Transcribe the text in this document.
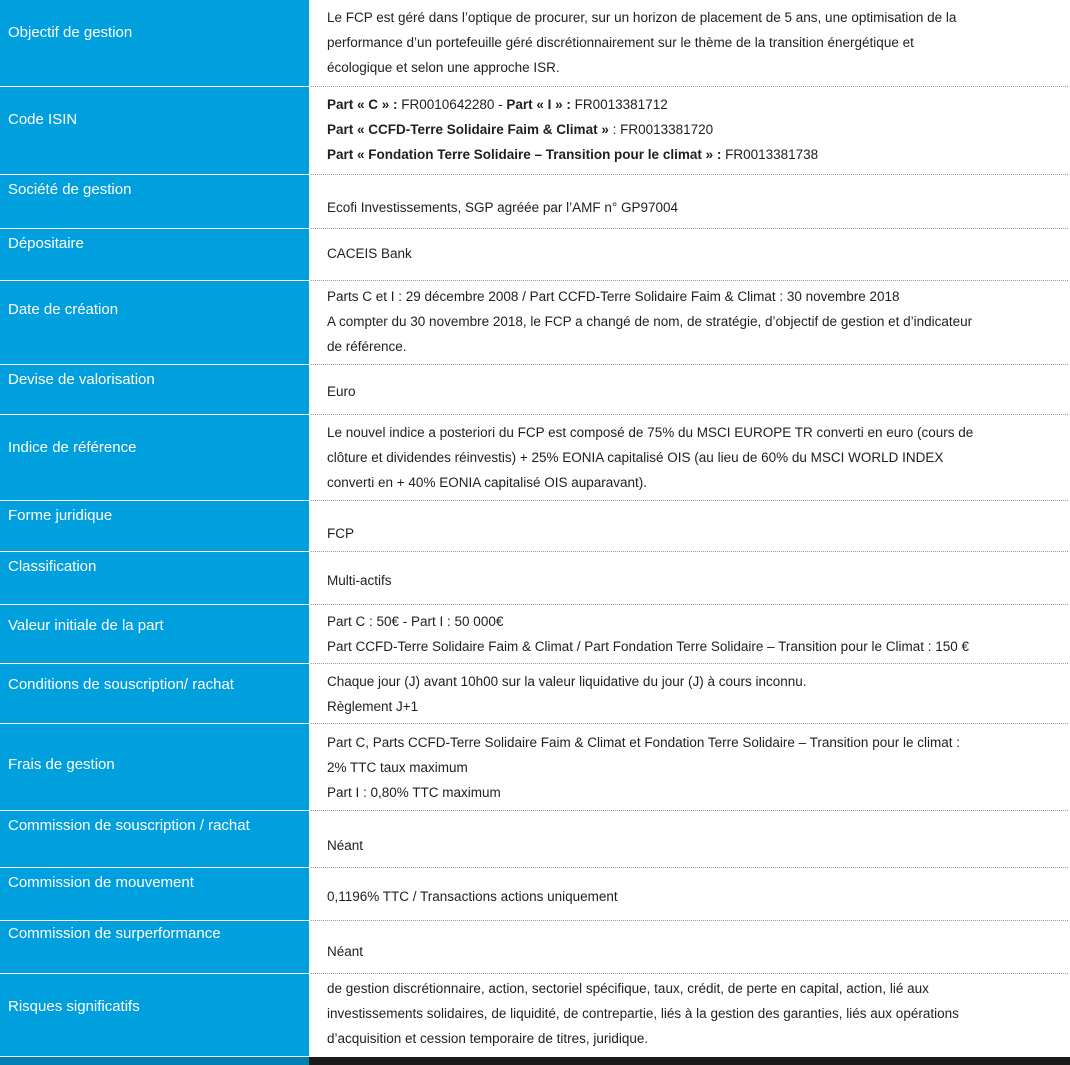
Objectif de gestion
Le FCP est géré dans l’optique de procurer, sur un horizon de placement de 5 ans, une optimisation de la
performance d’un portefeuille géré discrétionnairement sur le thème de la transition énergétique et
écologique et selon une approche ISR.
Code ISIN
Part « C » : FR0010642280 - Part « I » : FR0013381712
Part « CCFD-Terre Solidaire Faim & Climat » : FR0013381720
Part « Fondation Terre Solidaire – Transition pour le climat » : FR0013381738
Société de gestion
Ecofi Investissements, SGP agréée par l’AMF n° GP97004
Dépositaire
CACEIS Bank
Date de création
Parts C et I : 29 décembre 2008 / Part CCFD-Terre Solidaire Faim & Climat : 30 novembre 2018
A compter du 30 novembre 2018, le FCP a changé de nom, de stratégie, d’objectif de gestion et d’indicateur
de référence.
Devise de valorisation
Euro
Indice de référence
Le nouvel indice a posteriori du FCP est composé de 75% du MSCI EUROPE TR converti en euro (cours de
clôture et dividendes réinvestis) + 25% EONIA capitalisé OIS (au lieu de 60% du MSCI WORLD INDEX
converti en + 40% EONIA capitalisé OIS auparavant).
Forme juridique
FCP
Classification
Multi-actifs
Valeur initiale de la part	Part C : 50€ - Part I : 50 000€
Part CCFD-Terre Solidaire Faim & Climat / Part Fondation Terre Solidaire – Transition pour le Climat : 150 €
Conditions de souscription/ rachat	Chaque jour (J) avant 10h00 sur la valeur liquidative du jour (J) à cours inconnu.
Règlement J+1
Frais de gestion
Part C, Parts CCFD-Terre Solidaire Faim & Climat et Fondation Terre Solidaire – Transition pour le climat :
2% TTC taux maximum
Part I : 0,80% TTC maximum
Commission de souscription / rachat
Néant
Commission de mouvement
0,1196% TTC / Transactions actions uniquement
Commission de surperformance
Néant
Risques significatifs
de gestion discrétionnaire, action, sectoriel spécifique, taux, crédit, de perte en capital, action, lié aux
investissements solidaires, de liquidité, de contrepartie, liés à la gestion des garanties, liés aux opérations
d’acquisition et cession temporaire de titres, juridique.
